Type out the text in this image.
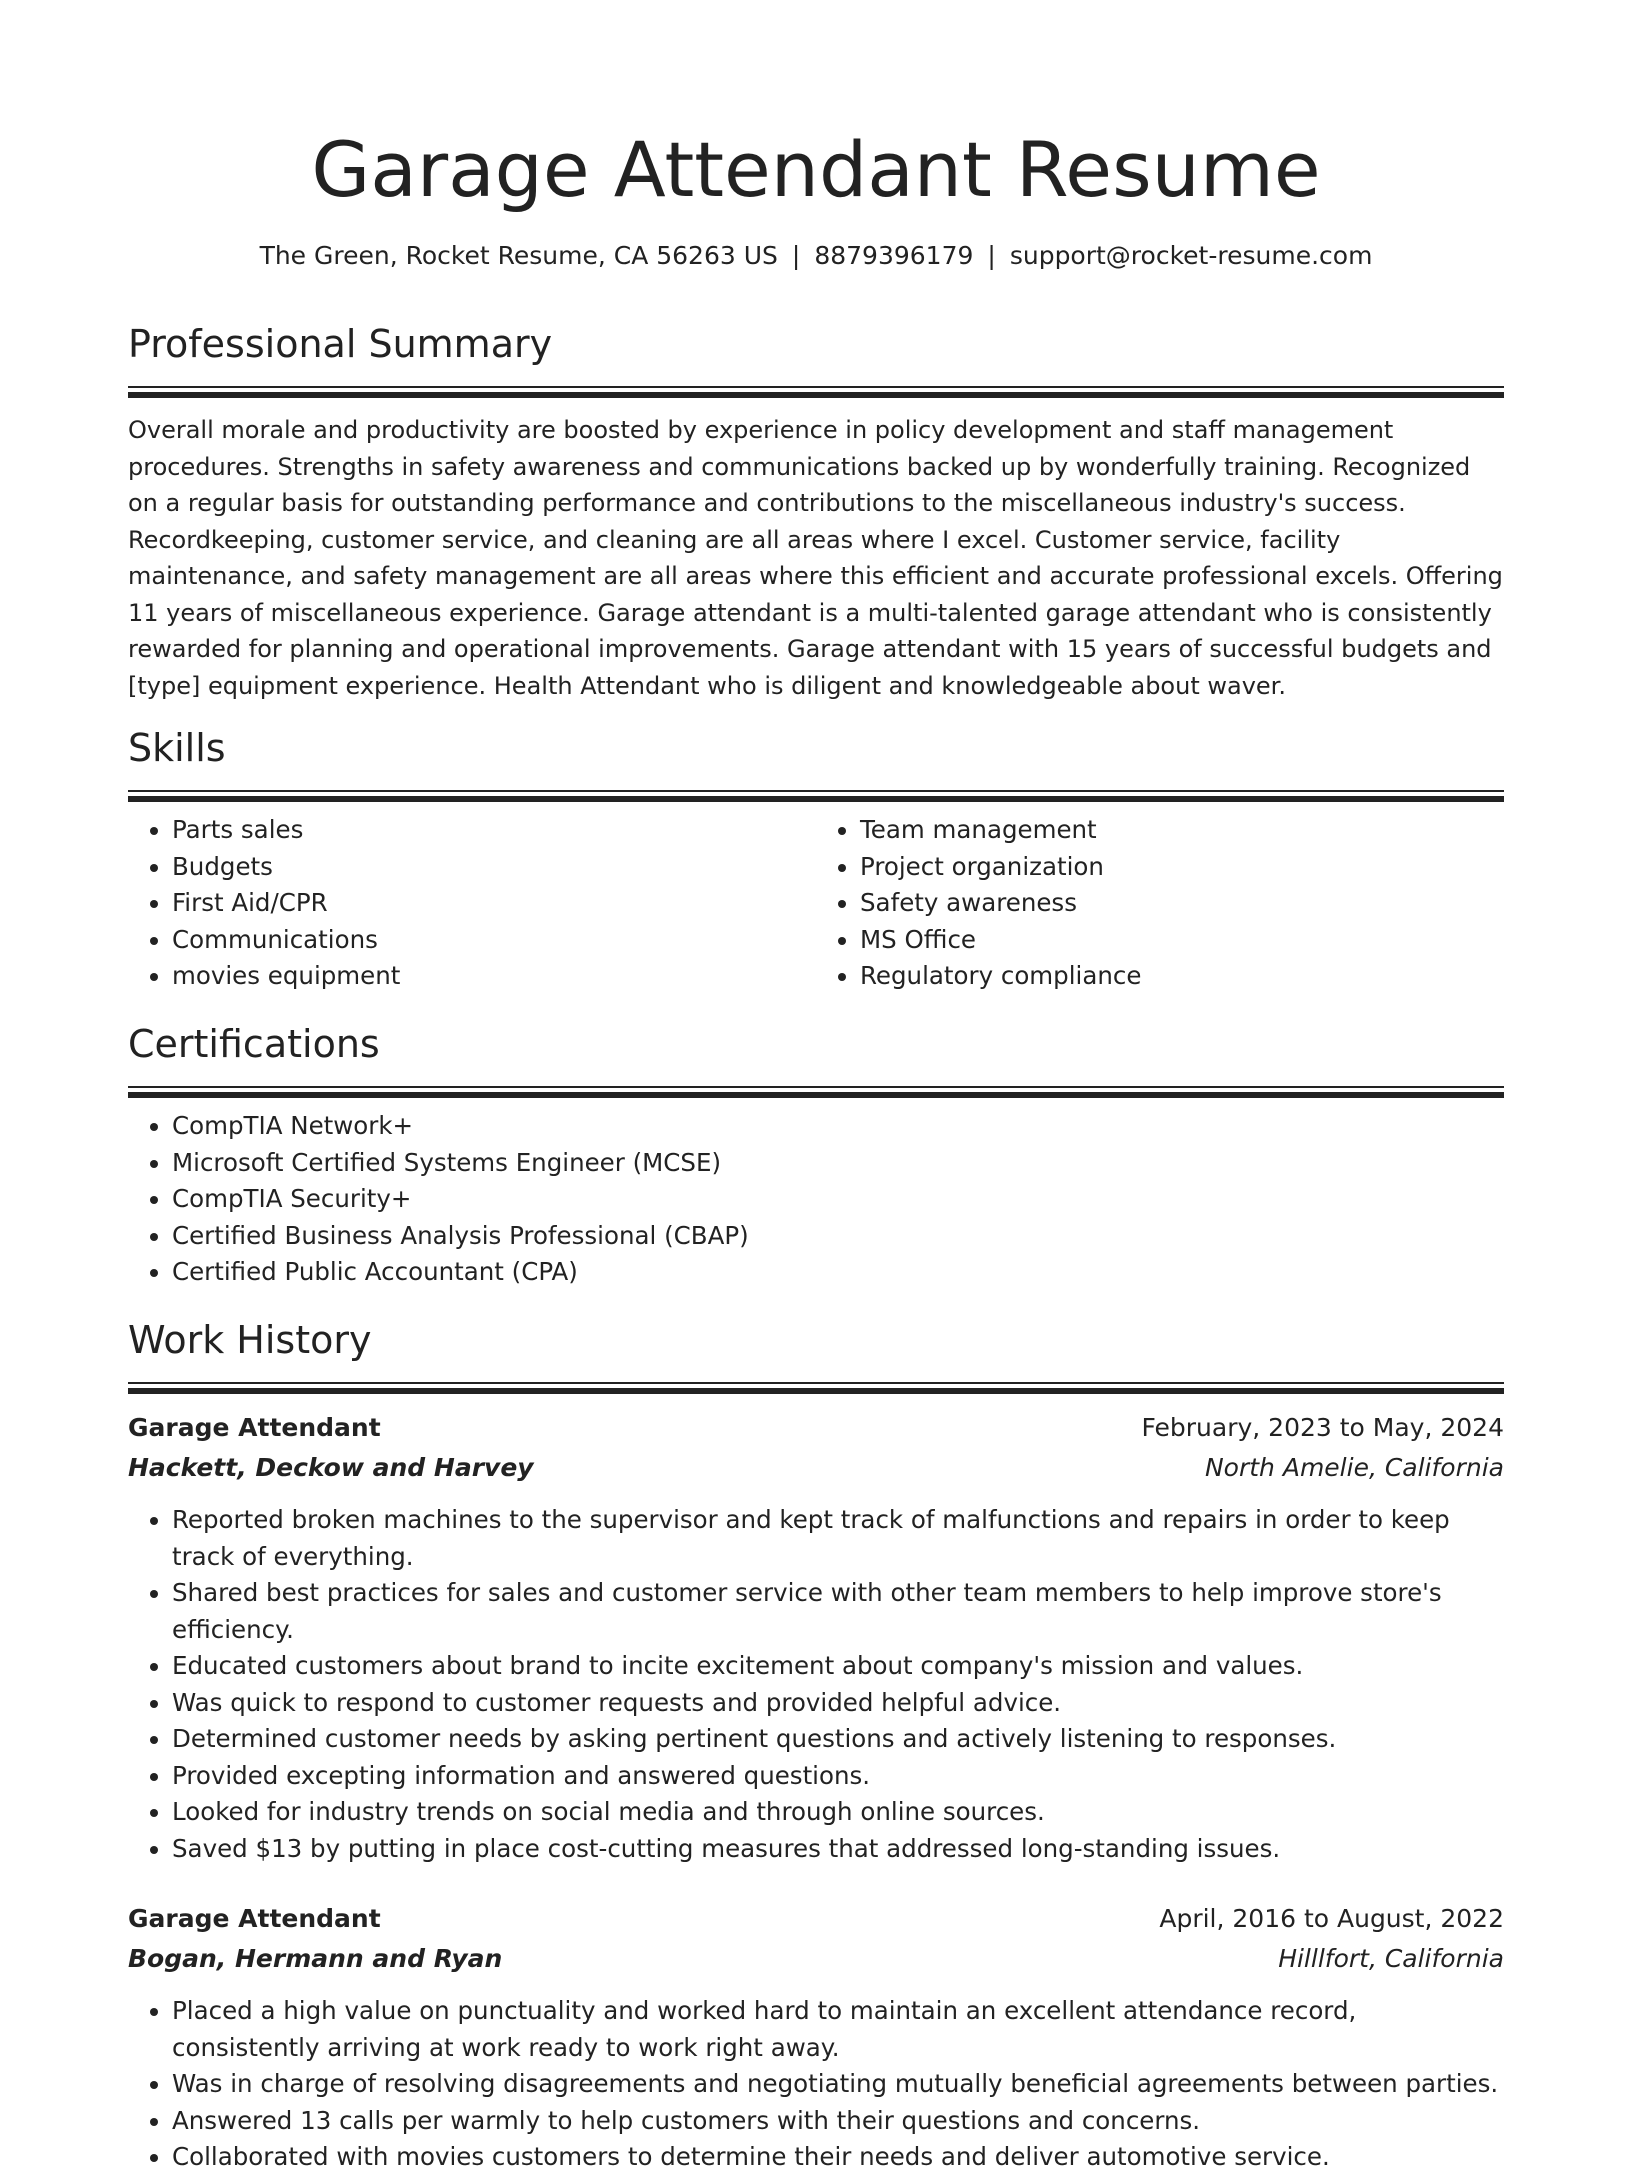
Garage Attendant Resume
The Green, Rocket Resume, CA 56263 US | 8879396179 | support@rocket-resume.com
Professional Summary
Overall morale and productivity are boosted by experience in policy development and staff management procedures. Strengths in safety awareness and communications backed up by wonderfully training. Recognized on a regular basis for outstanding performance and contributions to the miscellaneous industry's success. Recordkeeping, customer service, and cleaning are all areas where I excel. Customer service, facility maintenance, and safety management are all areas where this efficient and accurate professional excels. Offering 11 years of miscellaneous experience. Garage attendant is a multi-talented garage attendant who is consistently rewarded for planning and operational improvements. Garage attendant with 15 years of successful budgets and [type] equipment experience. Health Attendant who is diligent and knowledgeable about waver.
Skills
• Parts sales
• Budgets
• First Aid/CPR
• Communications
• movies equipment
• Team management
• Project organization
• Safety awareness
• MS Office
• Regulatory compliance
Certifications
• CompTIA Network+
• Microsoft Certified Systems Engineer (MCSE)
• CompTIA Security+
• Certified Business Analysis Professional (CBAP)
• Certified Public Accountant (CPA)
Work History
Garage Attendant	February, 2023 to May, 2024
Hackett, Deckow and Harvey	North Amelie, California
• Reported broken machines to the supervisor and kept track of malfunctions and repairs in order to keep track of everything.
• Shared best practices for sales and customer service with other team members to help improve store's efficiency.
• Educated customers about brand to incite excitement about company's mission and values.
• Was quick to respond to customer requests and provided helpful advice.
• Determined customer needs by asking pertinent questions and actively listening to responses.
• Provided excepting information and answered questions.
• Looked for industry trends on social media and through online sources.
• Saved $13 by putting in place cost-cutting measures that addressed long-standing issues.
Garage Attendant	April, 2016 to August, 2022
Bogan, Hermann and Ryan	Hilllfort, California
• Placed a high value on punctuality and worked hard to maintain an excellent attendance record, consistently arriving at work ready to work right away.
• Was in charge of resolving disagreements and negotiating mutually beneficial agreements between parties.
• Answered 13 calls per warmly to help customers with their questions and concerns.
• Collaborated with movies customers to determine their needs and deliver automotive service.
